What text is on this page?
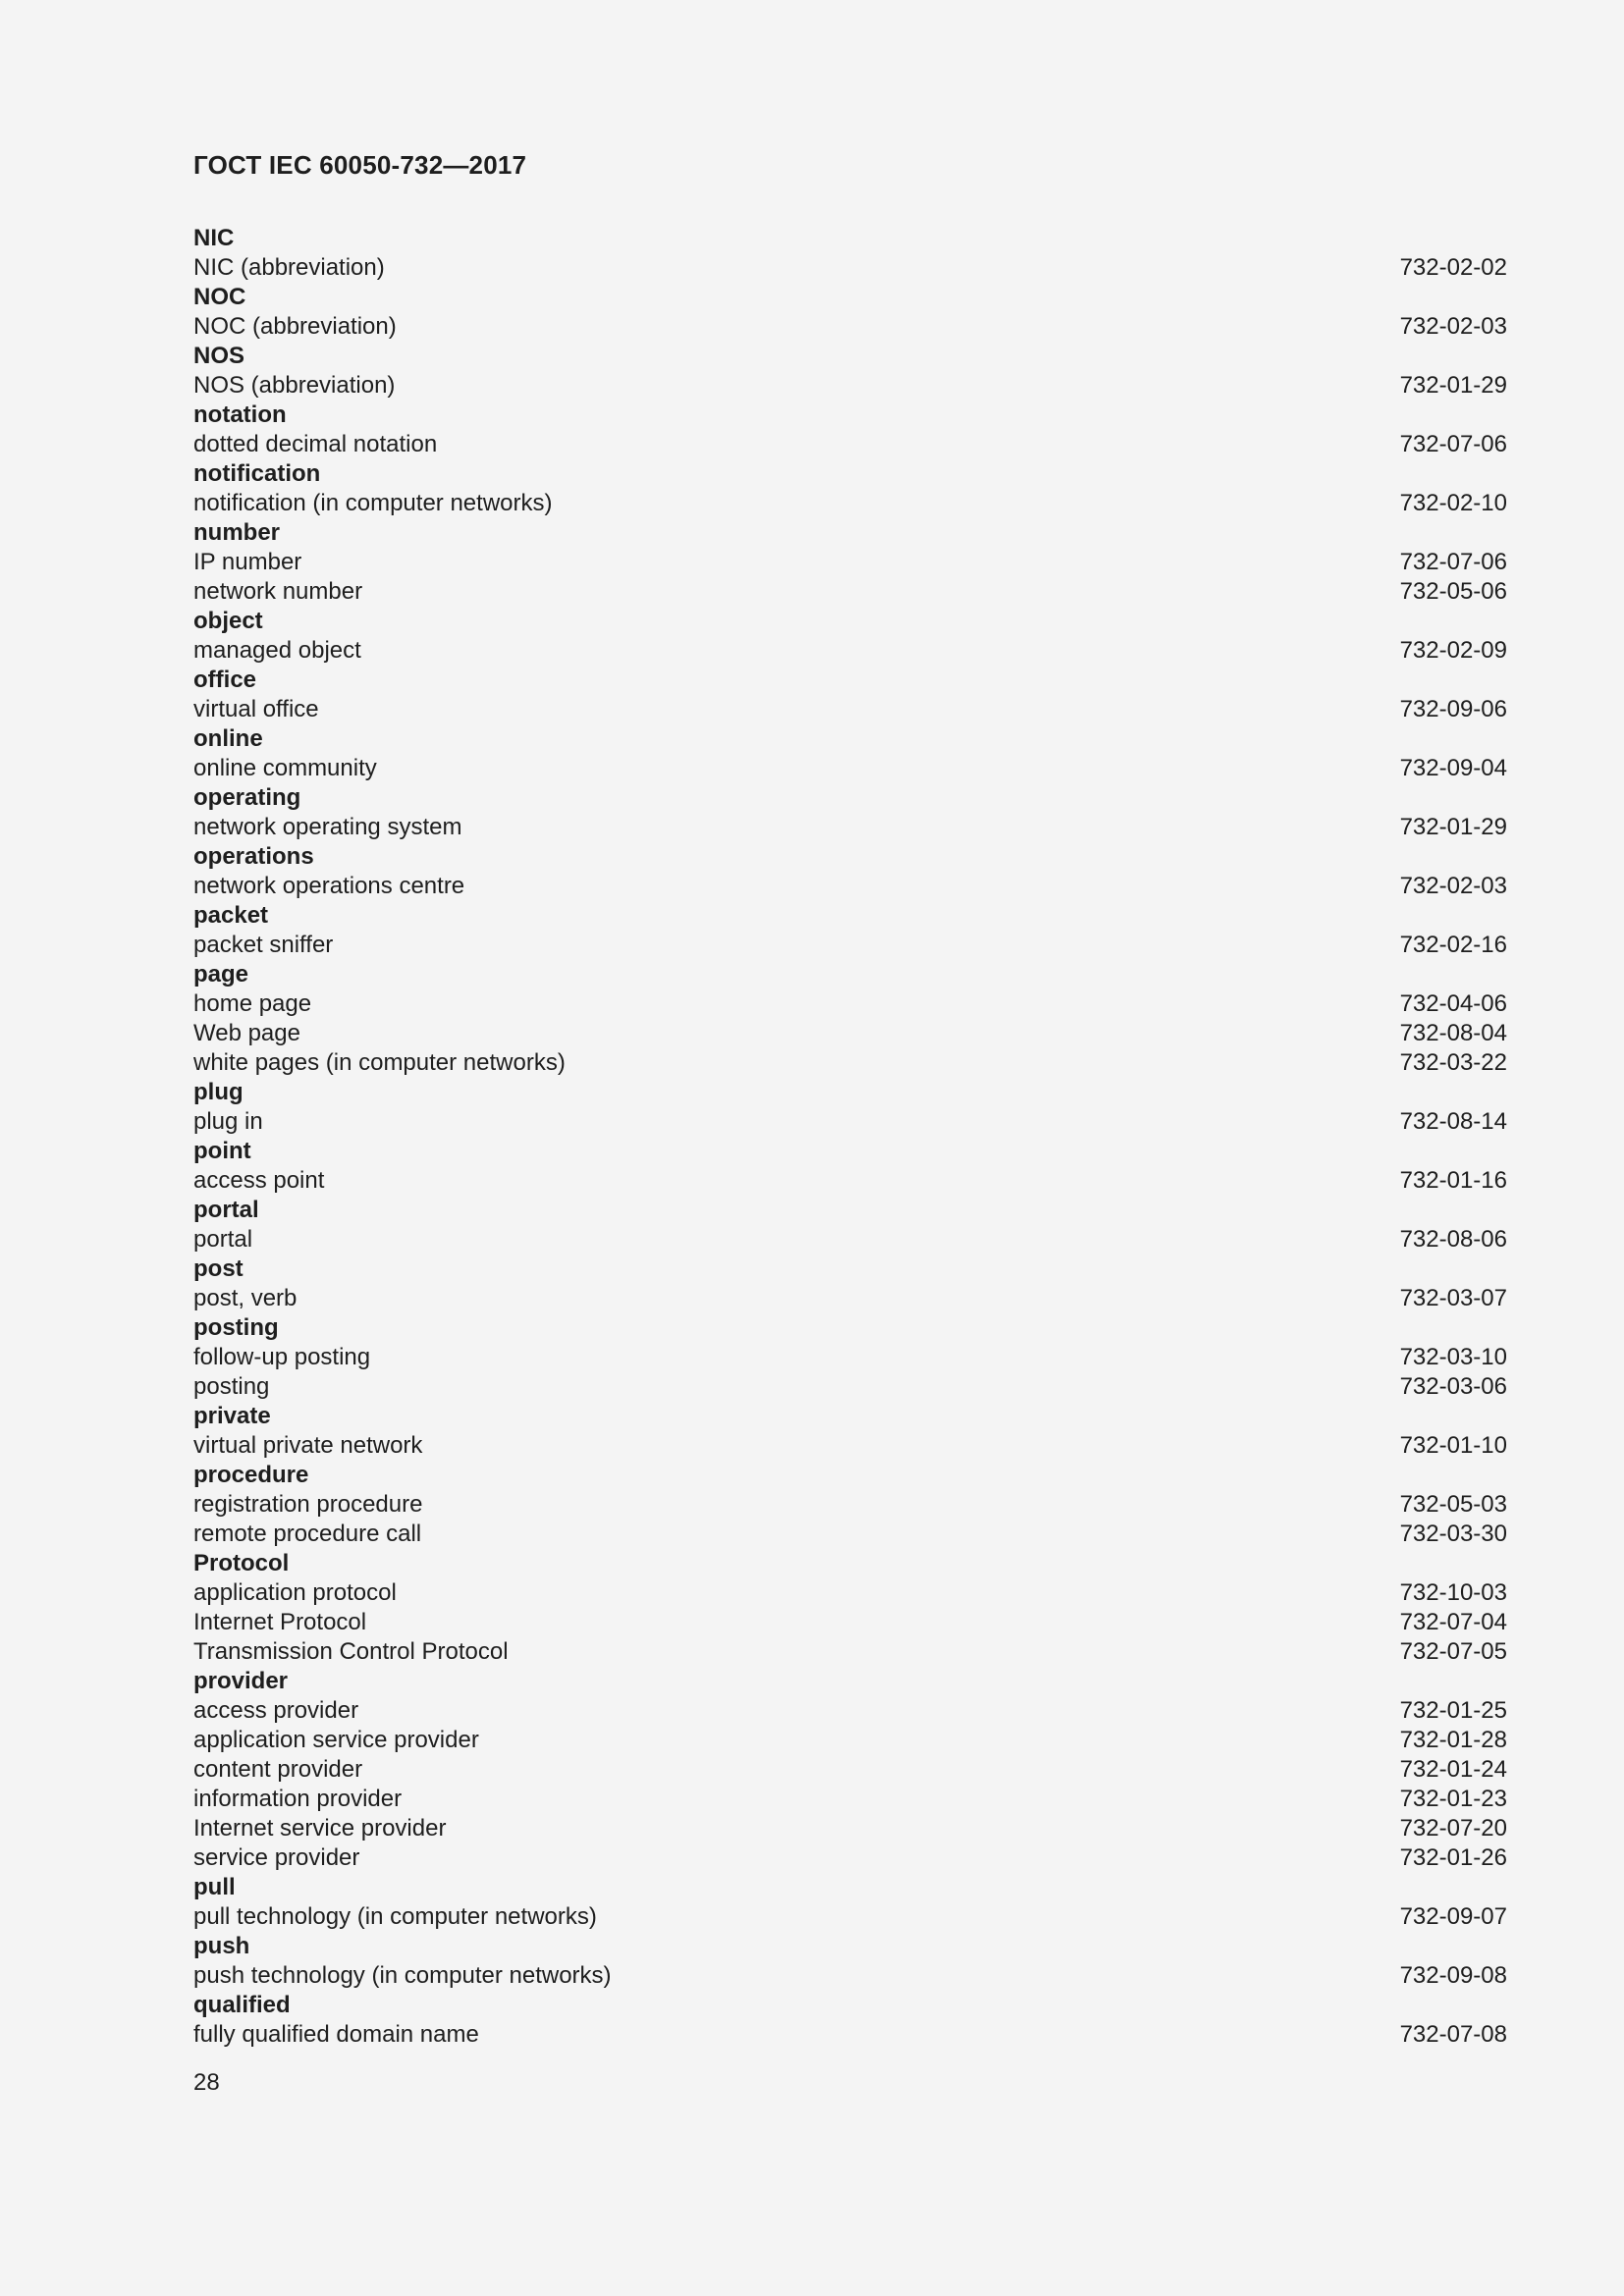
ГОСТ IEC 60050-732—2017
NIC
NIC (abbreviation)	732-02-02
NOC
NOC (abbreviation)	732-02-03
NOS
NOS (abbreviation)	732-01-29
notation
dotted decimal notation	732-07-06
notification
notification (in computer networks)	732-02-10
number
IP number	732-07-06
network number	732-05-06
object
managed object	732-02-09
office
virtual office	732-09-06
online
online community	732-09-04
operating
network operating system	732-01-29
operations
network operations centre	732-02-03
packet
packet sniffer	732-02-16
page
home page	732-04-06
Web page	732-08-04
white pages (in computer networks)	732-03-22
plug
plug in	732-08-14
point
access point	732-01-16
portal
portal	732-08-06
post
post, verb	732-03-07
posting
follow-up posting	732-03-10
posting	732-03-06
private
virtual private network	732-01-10
procedure
registration procedure	732-05-03
remote procedure call	732-03-30
Protocol
application protocol	732-10-03
Internet Protocol	732-07-04
Transmission Control Protocol	732-07-05
provider
access provider	732-01-25
application service provider	732-01-28
content provider	732-01-24
information provider	732-01-23
Internet service provider	732-07-20
service provider	732-01-26
pull
pull technology (in computer networks)	732-09-07
push
push technology (in computer networks)	732-09-08
qualified
fully qualified domain name	732-07-08
28
